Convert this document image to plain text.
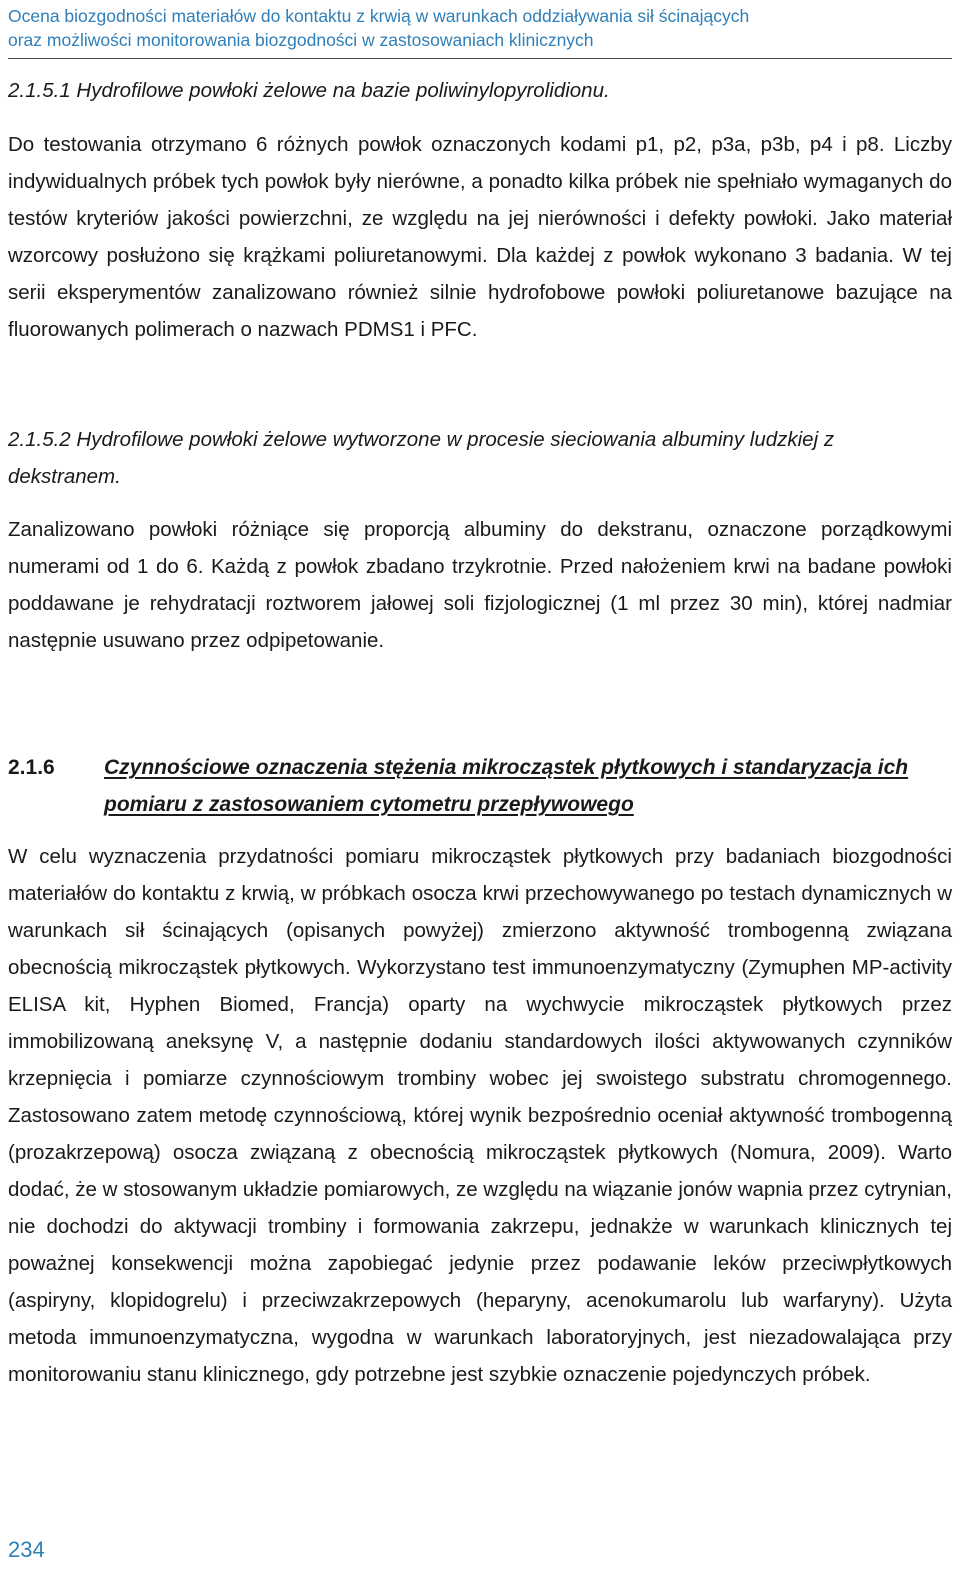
Ocena biozgodności materiałów do kontaktu z krwią w warunkach oddziaływania sił ścinających
oraz możliwości monitorowania biozgodności w zastosowaniach klinicznych
2.1.5.1 Hydrofilowe powłoki żelowe na bazie poliwinylopyrolidionu.

Do testowania otrzymano 6 różnych powłok oznaczonych kodami p1, p2, p3a, p3b, p4 i p8. Liczby indywidualnych próbek tych powłok były nierówne, a ponadto kilka próbek nie spełniało wymaganych do testów kryteriów jakości powierzchni, ze względu na jej nierówności i defekty powłoki. Jako materiał wzorcowy posłużono się krążkami poliuretanowymi. Dla każdej z powłok wykonano 3 badania. W tej serii eksperymentów zanalizowano również silnie hydrofobowe powłoki poliuretanowe bazujące na fluorowanych polimerach o nazwach PDMS1 i PFC.

2.1.5.2 Hydrofilowe powłoki żelowe wytworzone w procesie sieciowania albuminy ludzkiej z dekstranem.

Zanalizowano powłoki różniące się proporcją albuminy do dekstranu, oznaczone porządkowymi numerami od 1 do 6. Każdą z powłok zbadano trzykrotnie. Przed nałożeniem krwi na badane powłoki poddawane je rehydratacji roztworem jałowej soli fizjologicznej (1 ml przez 30 min), której nadmiar następnie usuwano przez odpipetowanie.

2.1.6 Czynnościowe oznaczenia stężenia mikrocząstek płytkowych i standaryzacja ich pomiaru z zastosowaniem cytometru przepływowego

W celu wyznaczenia przydatności pomiaru mikrocząstek płytkowych przy badaniach biozgodności materiałów do kontaktu z krwią, w próbkach osocza krwi przechowywanego po testach dynamicznych w warunkach sił ścinających (opisanych powyżej) zmierzono aktywność trombogenną związana obecnością mikrocząstek płytkowych. Wykorzystano test immunoenzymatyczny (Zymuphen MP-activity ELISA kit, Hyphen Biomed, Francja) oparty na wychwycie mikrocząstek płytkowych przez immobilizowaną aneksynę V, a następnie dodaniu standardowych ilości aktywowanych czynników krzepnięcia i pomiarze czynnościowym trombiny wobec jej swoistego substratu chromogennego. Zastosowano zatem metodę czynnościową, której wynik bezpośrednio oceniał aktywność trombogenną (prozakrzepową) osocza związaną z obecnością mikrocząstek płytkowych (Nomura, 2009). Warto dodać, że w stosowanym układzie pomiarowych, ze względu na wiązanie jonów wapnia przez cytrynian, nie dochodzi do aktywacji trombiny i formowania zakrzepu, jednakże w warunkach klinicznych tej poważnej konsekwencji można zapobiegać jedynie przez podawanie leków przeciwpłytkowych (aspiryny, klopidogrelu) i przeciwzakrzepowych (heparyny, acenokumarolu lub warfaryny). Użyta metoda immunoenzymatyczna, wygodna w warunkach laboratoryjnych, jest niezadowalająca przy monitorowaniu stanu klinicznego, gdy potrzebne jest szybkie oznaczenie pojedynczych próbek.

234
